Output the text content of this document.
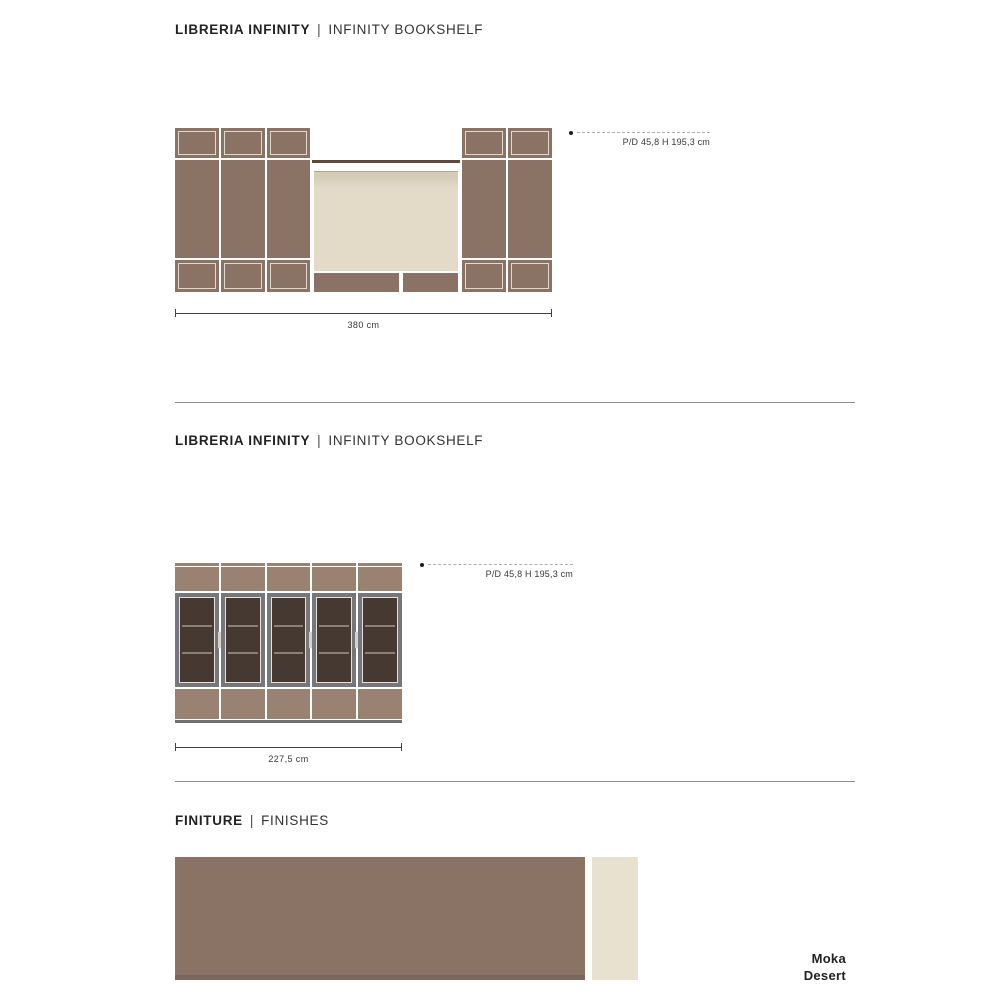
LIBRERIA INFINITY | INFINITY BOOKSHELF
P/D 45,8 H 195,3 cm
380 cm
LIBRERIA INFINITY | INFINITY BOOKSHELF
P/D 45,8 H 195,3 cm
227,5 cm
FINITURE | FINISHES
Moka
Desert
